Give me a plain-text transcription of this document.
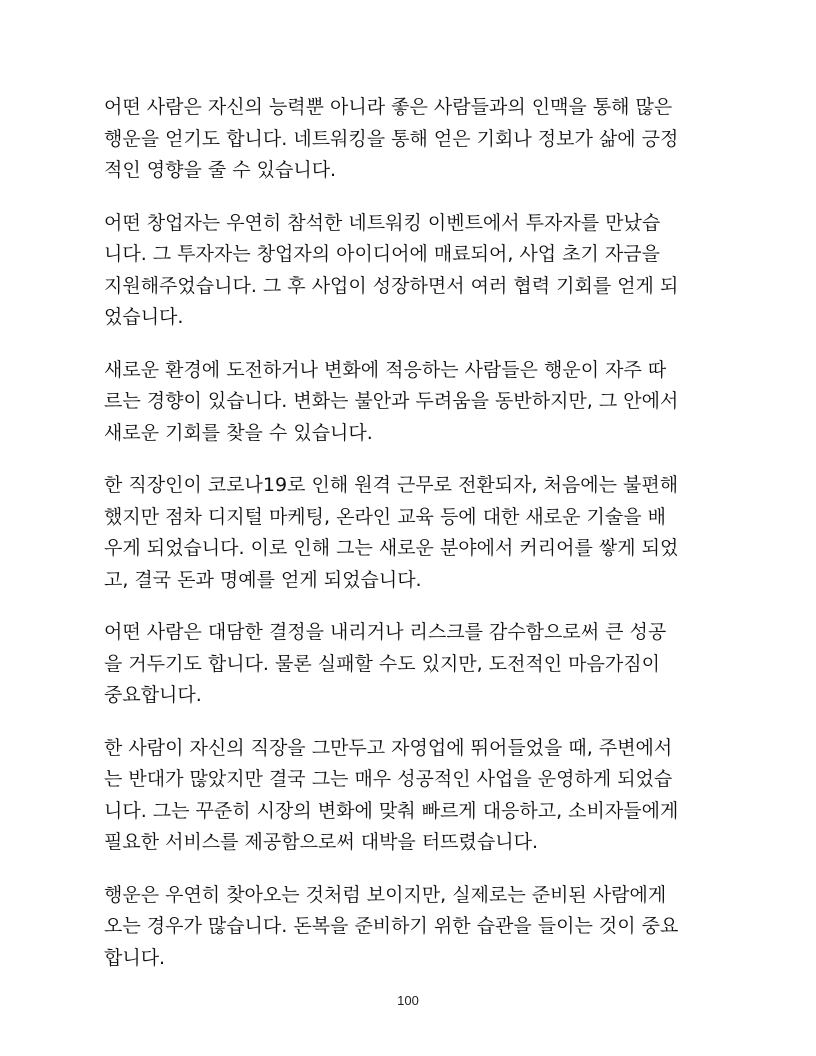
어떤 사람은 자신의 능력뿐 아니라 좋은 사람들과의 인맥을 통해 많은
행운을 얻기도 합니다. 네트워킹을 통해 얻은 기회나 정보가 삶에 긍정
적인 영향을 줄 수 있습니다.

어떤 창업자는 우연히 참석한 네트워킹 이벤트에서 투자자를 만났습
니다. 그 투자자는 창업자의 아이디어에 매료되어, 사업 초기 자금을
지원해주었습니다. 그 후 사업이 성장하면서 여러 협력 기회를 얻게 되
었습니다.

새로운 환경에 도전하거나 변화에 적응하는 사람들은 행운이 자주 따
르는 경향이 있습니다. 변화는 불안과 두려움을 동반하지만, 그 안에서
새로운 기회를 찾을 수 있습니다.

한 직장인이 코로나19로 인해 원격 근무로 전환되자, 처음에는 불편해
했지만 점차 디지털 마케팅, 온라인 교육 등에 대한 새로운 기술을 배
우게 되었습니다. 이로 인해 그는 새로운 분야에서 커리어를 쌓게 되었
고, 결국 돈과 명예를 얻게 되었습니다.

어떤 사람은 대담한 결정을 내리거나 리스크를 감수함으로써 큰 성공
을 거두기도 합니다. 물론 실패할 수도 있지만, 도전적인 마음가짐이
중요합니다.

한 사람이 자신의 직장을 그만두고 자영업에 뛰어들었을 때, 주변에서
는 반대가 많았지만 결국 그는 매우 성공적인 사업을 운영하게 되었습
니다. 그는 꾸준히 시장의 변화에 맞춰 빠르게 대응하고, 소비자들에게
필요한 서비스를 제공함으로써 대박을 터뜨렸습니다.

행운은 우연히 찾아오는 것처럼 보이지만, 실제로는 준비된 사람에게
오는 경우가 많습니다. 돈복을 준비하기 위한 습관을 들이는 것이 중요
합니다.

100
